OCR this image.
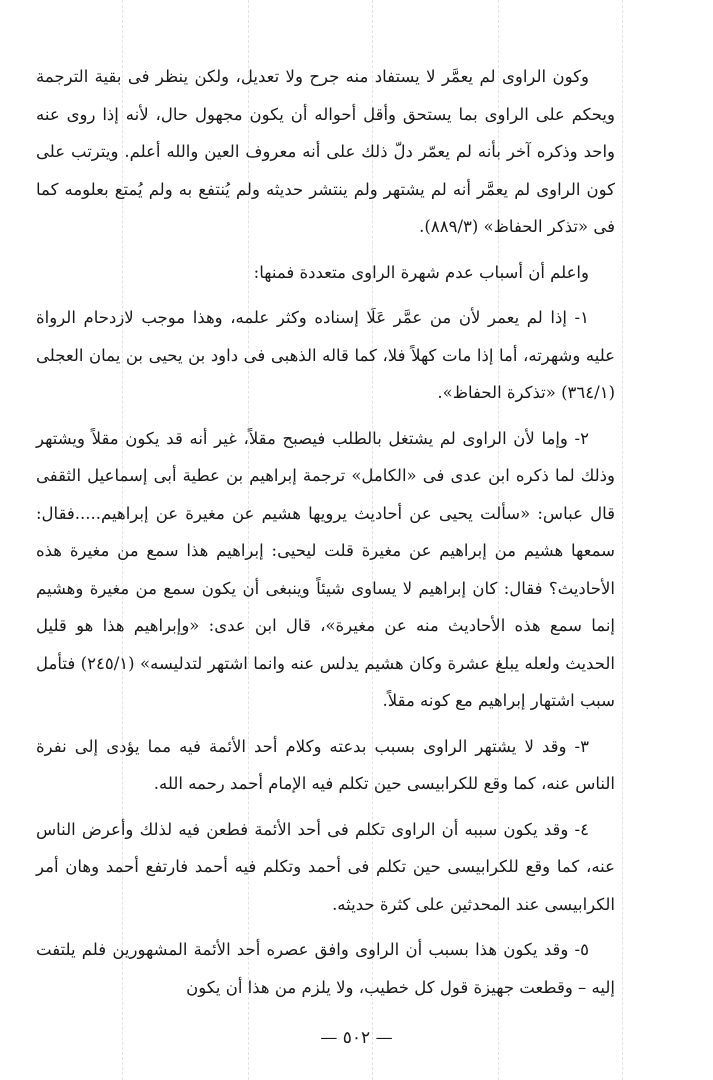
وكون الراوى لم يعمَّر لا يستفاد منه جرح ولا تعديل، ولكن ينظر فى بقية الترجمة ويحكم على الراوى بما يستحق وأقل أحواله أن يكون مجهول حال، لأنه إذا روى عنه واحد وذكره آخر بأنه لم يعمّر دلّ ذلك على أنه معروف العين والله أعلم. ويترتب على كون الراوى لم يعمَّر أنه لم يشتهر ولم ينتشر حديثه ولم يُنتفع به ولم يُمتع بعلومه كما فى «تذكر الحفاظ» (٨٨٩/٣).

واعلم أن أسباب عدم شهرة الراوى متعددة فمنها:

١- إذا لم يعمر لأن من عمَّر عَلَا إسناده وكثر علمه، وهذا موجب لازدحام الرواة عليه وشهرته، أما إذا مات كهلاً فلا، كما قاله الذهبى فى داود بن يحيى بن يمان العجلى (٣٦٤/١) «تذكرة الحفاظ».

٢- وإما لأن الراوى لم يشتغل بالطلب فيصبح مقلاً، غير أنه قد يكون مقلاً ويشتهر وذلك لما ذكره ابن عدى فى «الكامل» ترجمة إبراهيم بن عطية أبى إسماعيل الثقفى قال عباس: «سألت يحيى عن أحاديث يرويها هشيم عن مغيرة عن إبراهيم.....فقال: سمعها هشيم من إبراهيم عن مغيرة قلت ليحيى: إبراهيم هذا سمع من مغيرة هذه الأحاديث؟ فقال: كان إبراهيم لا يساوى شيئاً وينبغى أن يكون سمع من مغيرة وهشيم إنما سمع هذه الأحاديث منه عن مغيرة»، قال ابن عدى: «وإبراهيم هذا هو قليل الحديث ولعله يبلغ عشرة وكان هشيم يدلس عنه وانما اشتهر لتدليسه» (٢٤٥/١) فتأمل سبب اشتهار إبراهيم مع كونه مقلاً.

٣- وقد لا يشتهر الراوى بسبب بدعته وكلام أحد الأئمة فيه مما يؤدى إلى نفرة الناس عنه، كما وقع للكرابيسى حين تكلم فيه الإمام أحمد رحمه الله.

٤- وقد يكون سببه أن الراوى تكلم فى أحد الأئمة فطعن فيه لذلك وأعرض الناس عنه، كما وقع للكرابيسى حين تكلم فى أحمد وتكلم فيه أحمد فارتفع أحمد وهان أمر الكرابيسى عند المحدثين على كثرة حديثه.

٥- وقد يكون هذا بسبب أن الراوى وافق عصره أحد الأئمة المشهورين فلم يلتفت إليه – وقطعت جهيزة قول كل خطيب، ولا يلزم من هذا أن يكون

— ٥٠٢ —
